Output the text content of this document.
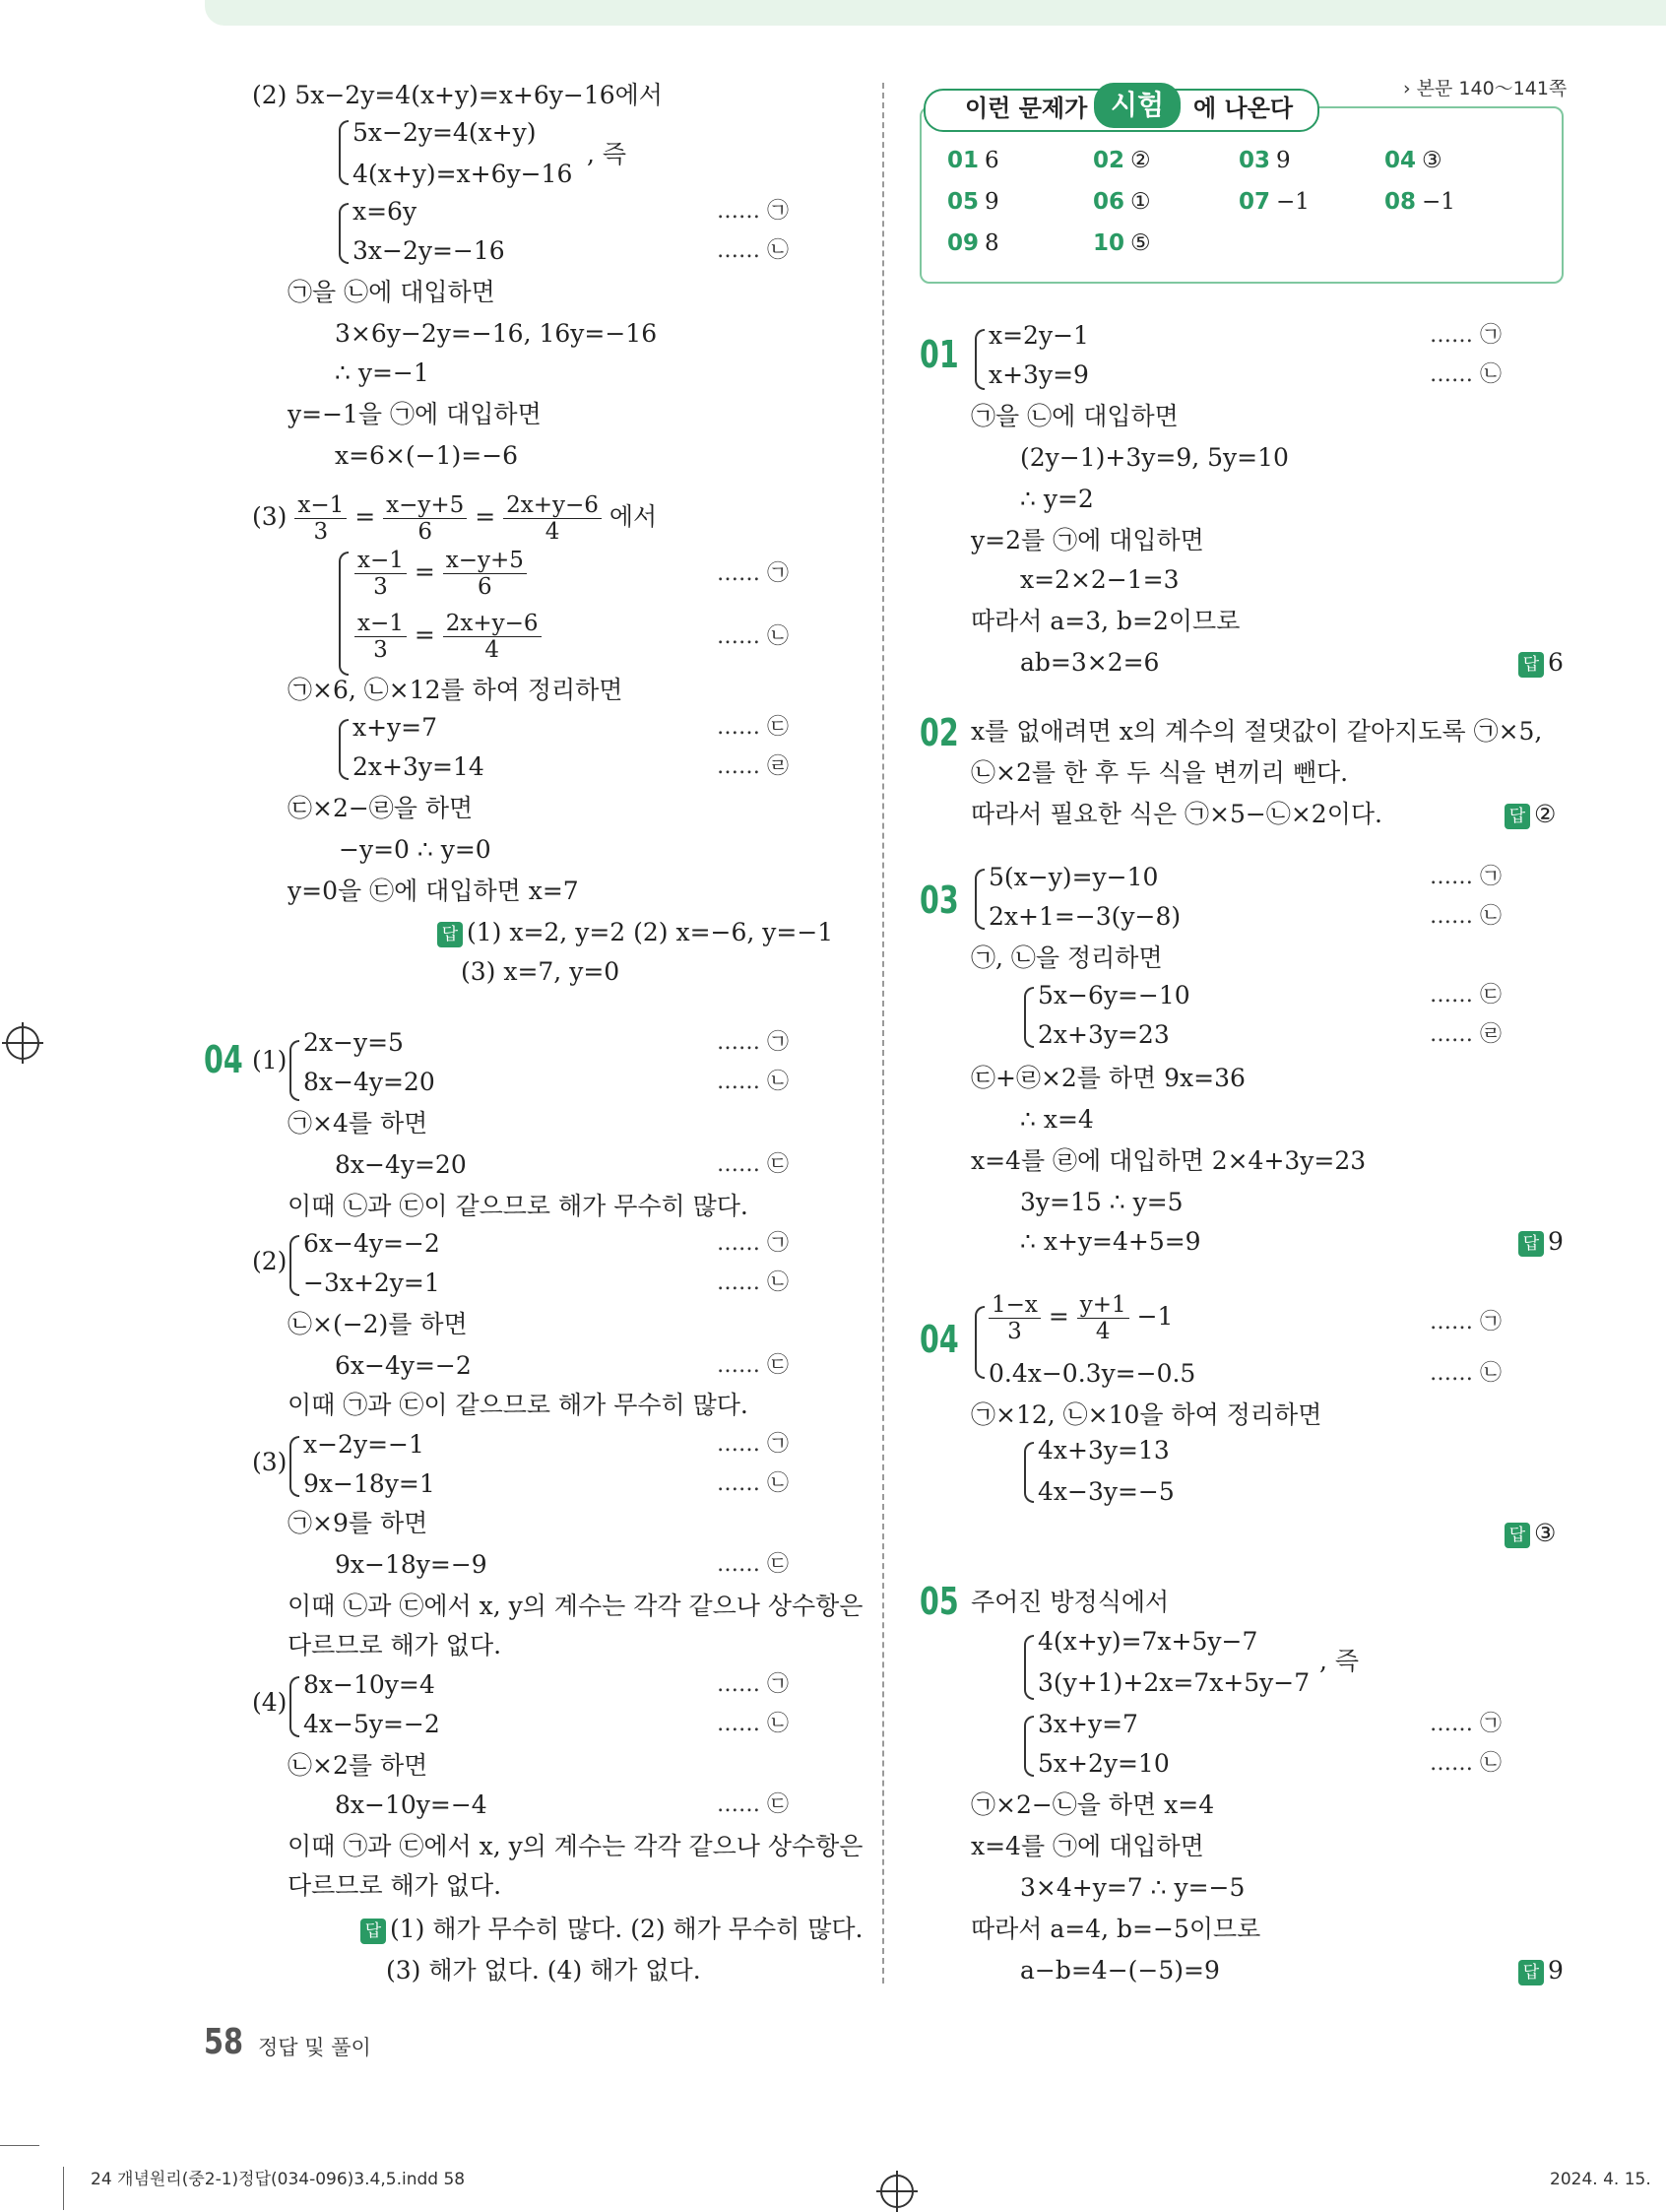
(2) 5x−2y=4(x+y)=x+6y−16에서
5x−2y=4(x+y)
4(x+y)=x+6y−16
, 즉
x=6y	…… ㉠
3x−2y=−16	…… ㉡
㉠을 ㉡에 대입하면
3×6y−2y=−16, 16y=−16
∴ y=−1
y=−1을 ㉠에 대입하면
x=6×(−1)=−6
$(3) \frac{x-1}{3} = \frac{x-y+5}{6} = \frac{2x+y-6}{4}$ 에서
$\frac{x-1}{3} = \frac{x-y+5}{6}$	…… ㉠
$\frac{x-1}{3} = \frac{2x+y-6}{4}$	…… ㉡
㉠×6, ㉡×12를 하여 정리하면
x+y=7	…… ㉢
2x+3y=14	…… ㉣
㉢×2−㉣을 하면
−y=0 ∴ y=0
y=0을 ㉢에 대입하면 x=7
답 (1) x=2, y=2 (2) x=−6, y=−1
(3) x=7, y=0
04 (1)
2x−y=5	…… ㉠
8x−4y=20	…… ㉡
㉠×4를 하면
8x−4y=20	…… ㉢
이때 ㉡과 ㉢이 같으므로 해가 무수히 많다.
(2)
6x−4y=−2	…… ㉠
−3x+2y=1	…… ㉡
㉡×(−2)를 하면
6x−4y=−2	…… ㉢
이때 ㉠과 ㉢이 같으므로 해가 무수히 많다.
(3)
x−2y=−1	…… ㉠
9x−18y=1	…… ㉡
㉠×9를 하면
9x−18y=−9	…… ㉢
이때 ㉡과 ㉢에서 x, y의 계수는 각각 같으나 상수항은
다르므로 해가 없다.
(4)
8x−10y=4	…… ㉠
4x−5y=−2	…… ㉡
㉡×2를 하면
8x−10y=−4	…… ㉢
이때 ㉠과 ㉢에서 x, y의 계수는 각각 같으나 상수항은
다르므로 해가 없다.
답 (1) 해가 무수히 많다. (2) 해가 무수히 많다.
(3) 해가 없다. (4) 해가 없다.
› 본문 140～141쪽
이런 문제가 시험	에 나온다
01 6	02 ②	03 9	04 ③
05 9	06 ①	07 −1	08 −1
09 8	10 ⑤
01 x=2y−1	…… ㉠
x+3y=9	…… ㉡
㉠을 ㉡에 대입하면
(2y−1)+3y=9, 5y=10
∴ y=2
y=2를 ㉠에 대입하면
x=2×2−1=3
따라서 a=3, b=2이므로
ab=3×2=6	답 6
02 x를 없애려면 x의 계수의 절댓값이 같아지도록 ㉠×5,
㉡×2를 한 후 두 식을 변끼리 뺀다.
따라서 필요한 식은 ㉠×5−㉡×2이다.	답 ②
03
5(x−y)=y−10	…… ㉠
2x+1=−3(y−8)	…… ㉡
㉠, ㉡을 정리하면
5x−6y=−10	…… ㉢
2x+3y=23	…… ㉣
㉢+㉣×2를 하면 9x=36
∴ x=4
x=4를 ㉣에 대입하면 2×4+3y=23
3y=15 ∴ y=5
∴ x+y=4+5=9	답 9
$04 \frac{1-x}{3} = \frac{y+1}{4} -1$	…… ㉠
0.4x−0.3y=−0.5	…… ㉡
㉠×12, ㉡×10을 하여 정리하면
4x+3y=13
4x−3y=−5
답 ③
05 주어진 방정식에서
4(x+y)=7x+5y−7
3(y+1)+2x=7x+5y−7
, 즉
3x+y=7	…… ㉠
5x+2y=10	…… ㉡
㉠×2−㉡을 하면 x=4
x=4를 ㉠에 대입하면
3×4+y=7 ∴ y=−5
따라서 a=4, b=−5이므로
a−b=4−(−5)=9	답 9
58 정답 및 풀이
24 개념원리(중2-1)정답(034-096)3.4,5.indd 58	2024. 4. 15.
